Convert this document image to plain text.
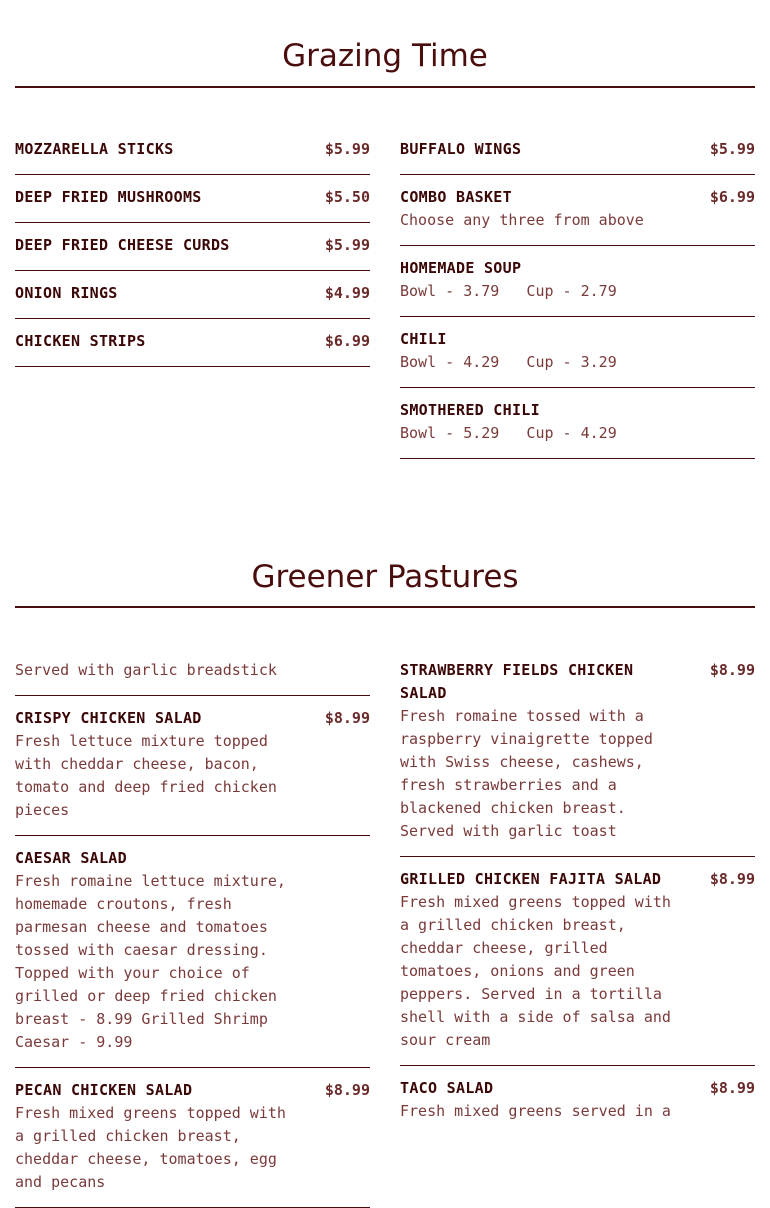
Grazing Time
MOZZARELLA STICKS	$5.99
DEEP FRIED MUSHROOMS	$5.50
DEEP FRIED CHEESE CURDS	$5.99
ONION RINGS	$4.99
CHICKEN STRIPS	$6.99
BUFFALO WINGS	$5.99
COMBO BASKET	$6.99
Choose any three from above
HOMEMADE SOUP
Bowl - 3.79   Cup - 2.79
CHILI
Bowl - 4.29   Cup - 3.29
SMOTHERED CHILI
Bowl - 5.29   Cup - 4.29
Greener Pastures
Served with garlic breadstick
CRISPY CHICKEN SALAD	$8.99
Fresh lettuce mixture topped with cheddar cheese, bacon, tomato and deep fried chicken pieces
CAESAR SALAD
Fresh romaine lettuce mixture, homemade croutons, fresh parmesan cheese and tomatoes tossed with caesar dressing. Topped with your choice of grilled or deep fried chicken breast - 8.99 Grilled Shrimp Caesar - 9.99
PECAN CHICKEN SALAD	$8.99
Fresh mixed greens topped with a grilled chicken breast, cheddar cheese, tomatoes, egg and pecans
STRAWBERRY FIELDS CHICKEN SALAD
$8.99
Fresh romaine tossed with a raspberry vinaigrette topped with Swiss cheese, cashews, fresh strawberries and a blackened chicken breast. Served with garlic toast
GRILLED CHICKEN FAJITA SALAD	$8.99
Fresh mixed greens topped with a grilled chicken breast, cheddar cheese, grilled tomatoes, onions and green peppers. Served in a tortilla shell with a side of salsa and sour cream
TACO SALAD	$8.99
Fresh mixed greens served in a
